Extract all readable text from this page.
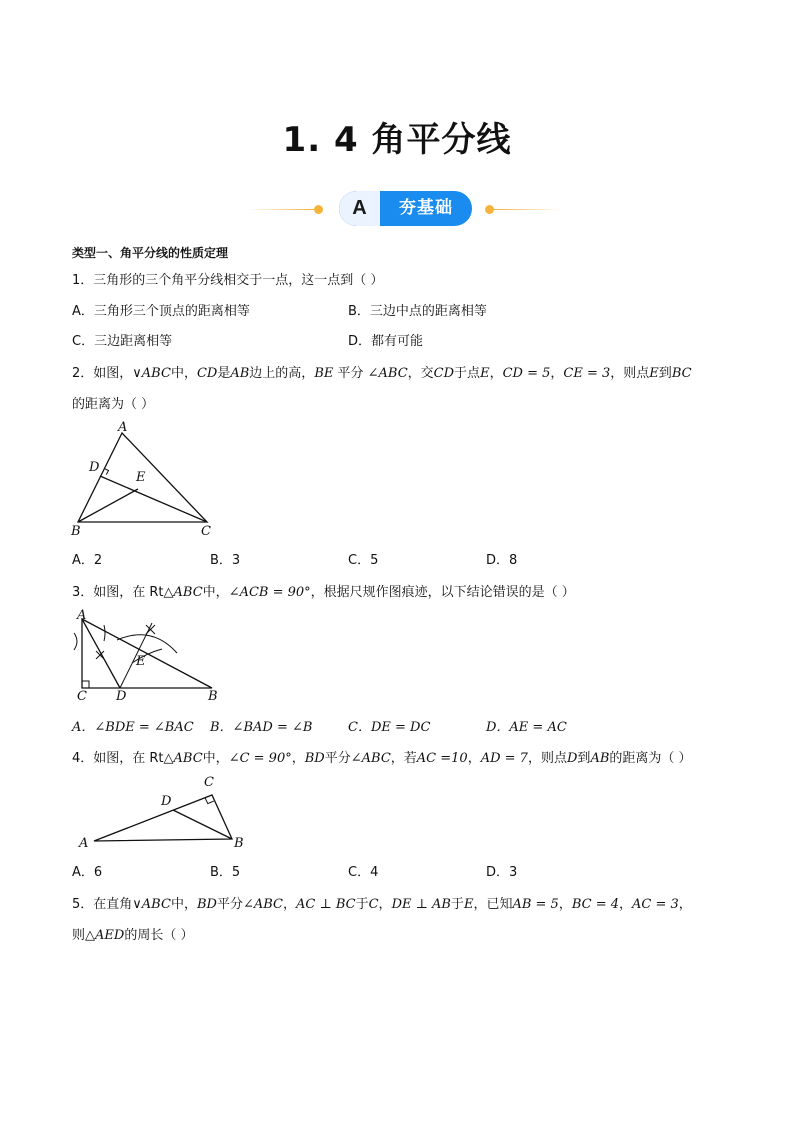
1. 4 角平分线
A	夯基础
类型一、角平分线的性质定理
1．三角形的三个角平分线相交于一点，这一点到（ ）
A．三角形三个顶点的距离相等	B．三边中点的距离相等
C．三边距离相等	D．都有可能
2．如图，∨ABC中，CD是AB边上的高，BE 平分 ∠ABC，交CD于点E，CD = 5，CE = 3，则点E到BC
的距离为（ ）
A
D
E
B	C
A．2	B．3	C．5	D．8
3．如图，在 Rt△ABC中，∠ACB = 90°，根据尺规作图痕迹，以下结论错误的是（ ）
A
E
C D	B
A．∠BDE = ∠BAC B．∠BAD = ∠B	C．DE = DC	D．AE = AC
4．如图，在 Rt△ABC中，∠C = 90°，BD平分∠ABC，若AC =10，AD = 7，则点D到AB的距离为（ ）
C
D
A	B
A．6	B．5	C．4	D．3
5．在直角∨ABC中，BD平分∠ABC，AC ⊥ BC于C，DE ⊥ AB于E，已知AB = 5，BC = 4，AC = 3，
则△AED的周长（ ）
